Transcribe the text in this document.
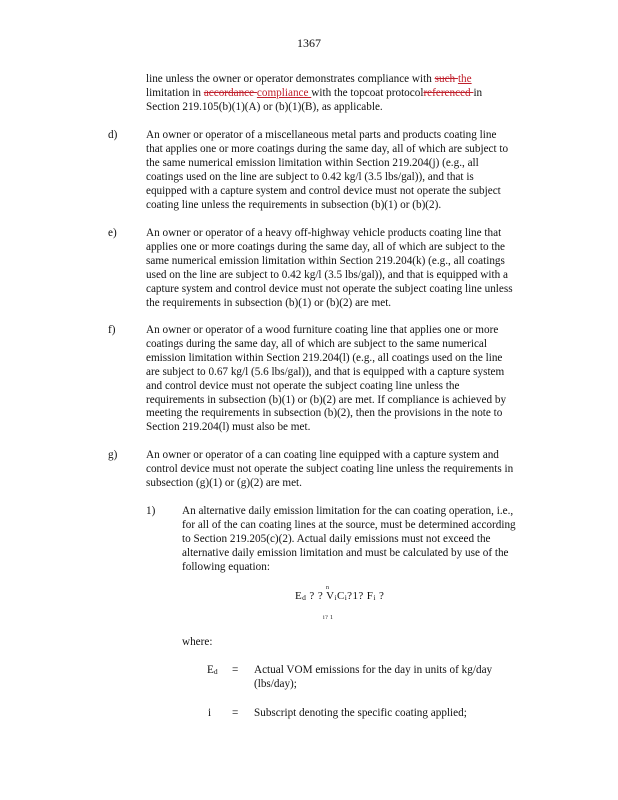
1367

line unless the owner or operator demonstrates compliance with such the

limitation in accordance compliance with the topcoat protocolreferenced in

Section 219.105(b)(1)(A) or (b)(1)(B), as applicable.

d)	An owner or operator of a miscellaneous metal parts and products coating line

that applies one or more coatings during the same day, all of which are subject to

the same numerical emission limitation within Section 219.204(j) (e.g., all

coatings used on the line are subject to 0.42 kg/l (3.5 lbs/gal)), and that is

equipped with a capture system and control device must not operate the subject

coating line unless the requirements in subsection (b)(1) or (b)(2).

e)	An owner or operator of a heavy off-highway vehicle products coating line that

applies one or more coatings during the same day, all of which are subject to the

same numerical emission limitation within Section 219.204(k) (e.g., all coatings

used on the line are subject to 0.42 kg/l (3.5 lbs/gal)), and that is equipped with a

capture system and control device must not operate the subject coating line unless

the requirements in subsection (b)(1) or (b)(2) are met.

f)	An owner or operator of a wood furniture coating line that applies one or more

coatings during the same day, all of which are subject to the same numerical

emission limitation within Section 219.204(l) (e.g., all coatings used on the line

are subject to 0.67 kg/l (5.6 lbs/gal)), and that is equipped with a capture system

and control device must not operate the subject coating line unless the

requirements in subsection (b)(1) or (b)(2) are met. If compliance is achieved by

meeting the requirements in subsection (b)(2), then the provisions in the note to

Section 219.204(l) must also be met.

g)	An owner or operator of a can coating line equipped with a capture system and

control device must not operate the subject coating line unless the requirements in

subsection (g)(1) or (g)(2) are met.

1) An alternative daily emission limitation for the can coating operation, i.e.,

for all of the can coating lines at the source, must be determined according

to Section 219.205(c)(2). Actual daily emissions must not exceed the

alternative daily emission limitation and must be calculated by use of the

following equation:

n
Ed ? ? ViCi?1? Fi ?
i? 1
where:
Ed = Actual VOM emissions for the day in units of kg/day

(lbs/day);

i = Subscript denoting the specific coating applied;
